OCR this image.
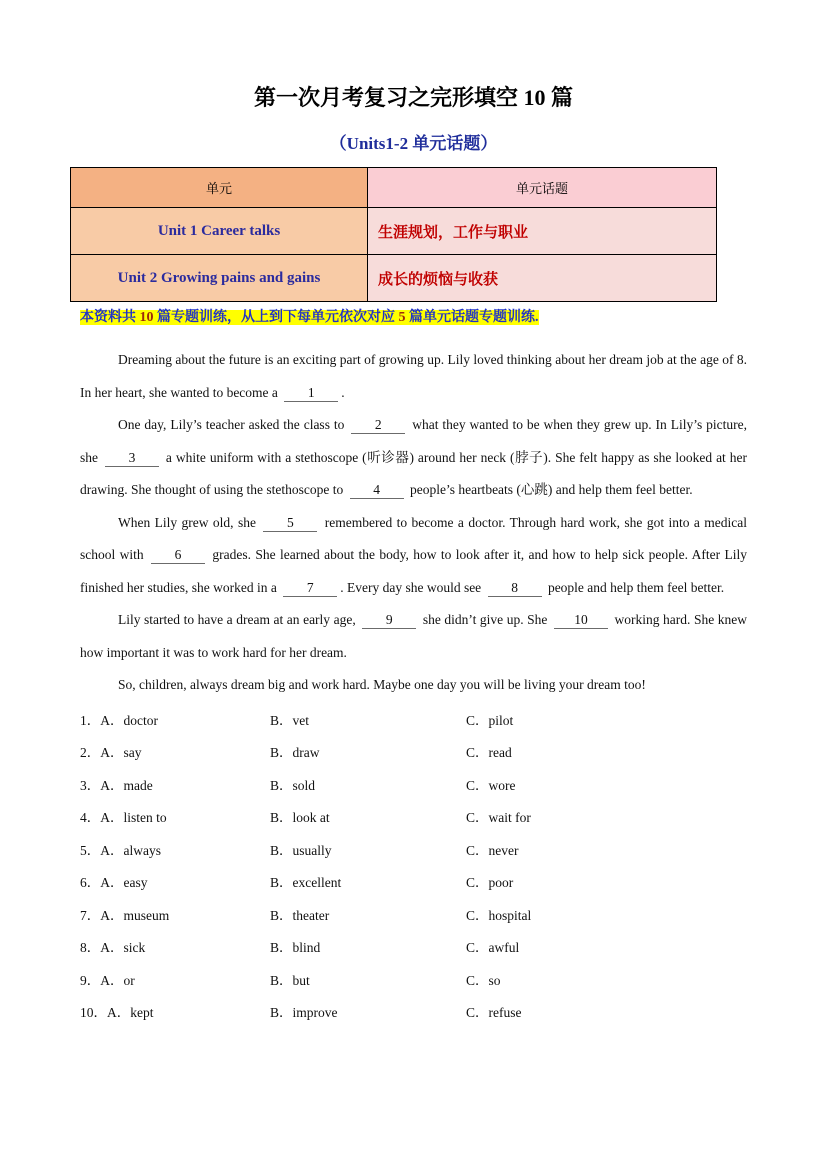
第一次月考复习之完形填空 10 篇
（Units1-2 单元话题）
单元	单元话题
Unit 1 Career talks	生涯规划，工作与职业
Unit 2 Growing pains and gains	成长的烦恼与收获
本资料共 10 篇专题训练，从上到下每单元依次对应 5 篇单元话题专题训练.

Dreaming about the future is an exciting part of growing up. Lily loved thinking about her dream job at the age of 8. In her heart, she wanted to become a 1 .

One day, Lily’s teacher asked the class to 2 what they wanted to be when they grew up. In Lily’s picture, she 3 a white uniform with a stethoscope (听诊器) around her neck (脖子). She felt happy as she looked at her drawing. She thought of using the stethoscope to 4 people’s heartbeats (心跳) and help them feel better.

When Lily grew old, she 5 remembered to become a doctor. Through hard work, she got into a medical school with 6 grades. She learned about the body, how to look after it, and how to help sick people. After Lily finished her studies, she worked in a 7 . Every day she would see 8 people and help them feel better.

Lily started to have a dream at an early age, 9 she didn’t give up. She 10 working hard. She knew how important it was to work hard for her dream.

So, children, always dream big and work hard. Maybe one day you will be living your dream too!

1．A．doctor	B．vet	C．pilot
2．A．say	B．draw	C．read
3．A．made	B．sold	C．wore
4．A．listen to	B．look at	C．wait for
5．A．always	B．usually	C．never
6．A．easy	B．excellent	C．poor
7．A．museum	B．theater	C．hospital
8．A．sick	B．blind	C．awful
9．A．or	B．but	C．so
10．A．kept	B．improve	C．refuse
